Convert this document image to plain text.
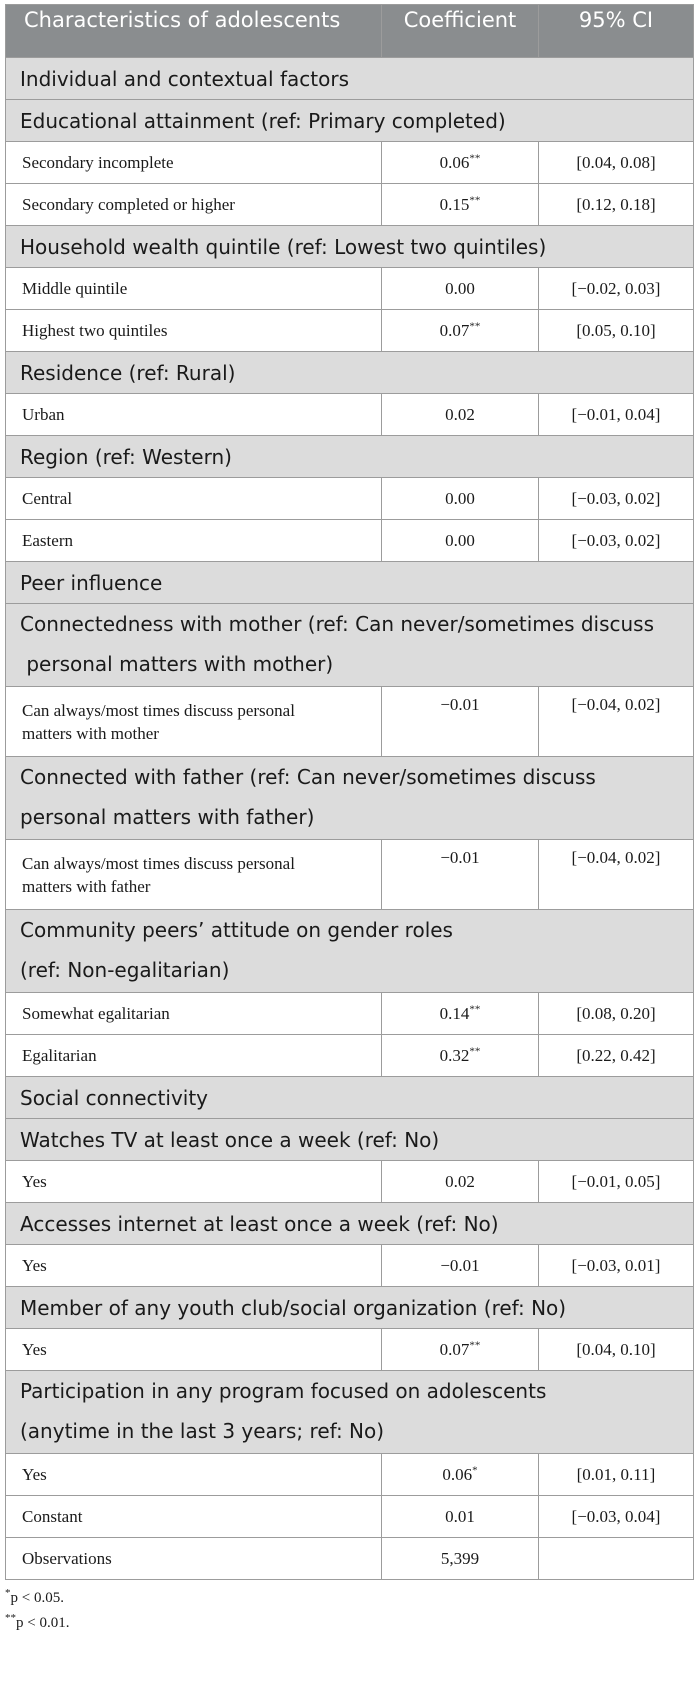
Characteristics of adolescents	Coefficient	95% CI
Individual and contextual factors		
Educational attainment (ref: Primary completed)		
Secondary incomplete	0.06**	[0.04, 0.08]
Secondary completed or higher	0.15**	[0.12, 0.18]
Household wealth quintile (ref: Lowest two quintiles)		
Middle quintile	0.00	[−0.02, 0.03]
Highest two quintiles	0.07**	[0.05, 0.10]
Residence (ref: Rural)		
Urban	0.02	[−0.01, 0.04]
Region (ref: Western)		
Central	0.00	[−0.03, 0.02]
Eastern	0.00	[−0.03, 0.02]
Peer influence		

Connectedness with mother (ref: Can never/sometimes discuss
personal matters with mother)		

Can always/most times discuss personal
matters with mother	−0.01	[−0.04, 0.02]

Connected with father (ref: Can never/sometimes discuss
personal matters with father)		

Can always/most times discuss personal
matters with father	−0.01	[−0.04, 0.02]

Community peers’ attitude on gender roles
(ref: Non-egalitarian)		

Somewhat egalitarian	0.14**	[0.08, 0.20]
Egalitarian	0.32**	[0.22, 0.42]
Social connectivity		
Watches TV at least once a week (ref: No)		
Yes	0.02	[−0.01, 0.05]
Accesses internet at least once a week (ref: No)		
Yes	−0.01	[−0.03, 0.01]
Member of any youth club/social organization (ref: No)		
Yes	0.07**	[0.04, 0.10]

Participation in any program focused on adolescents
(anytime in the last 3 years; ref: No)		

Yes	0.06*	[0.01, 0.11]
Constant	0.01	[−0.03, 0.04]
Observations	5,399	
*p < 0.05.
**p < 0.01.
